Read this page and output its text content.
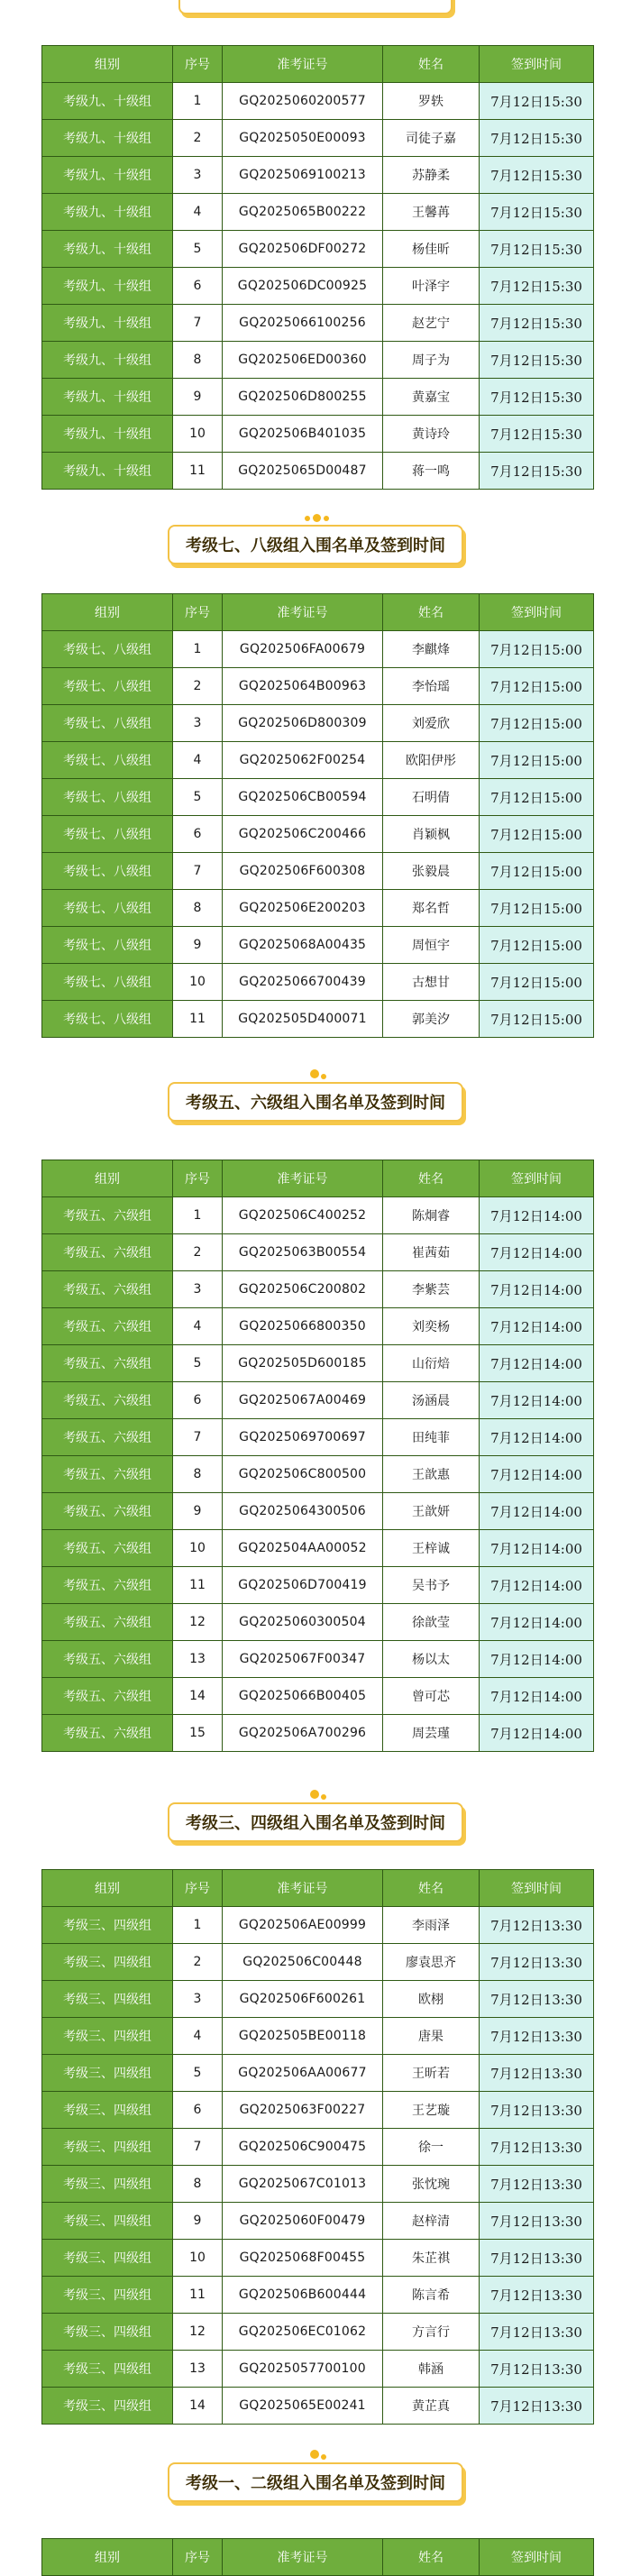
组别	序号	准考证号	姓名	签到时间
考级九、十级组	1	GQ2025060200577	罗轶	7月12日15:30
考级九、十级组	2	GQ2025050E00093	司徒子嘉	7月12日15:30
考级九、十级组	3	GQ2025069100213	苏静柔	7月12日15:30
考级九、十级组	4	GQ2025065B00222	王馨苒	7月12日15:30
考级九、十级组	5	GQ202506DF00272	杨佳昕	7月12日15:30
考级九、十级组	6	GQ202506DC00925	叶泽宇	7月12日15:30
考级九、十级组	7	GQ2025066100256	赵艺宁	7月12日15:30
考级九、十级组	8	GQ202506ED00360	周子为	7月12日15:30
考级九、十级组	9	GQ202506D800255	黄嘉宝	7月12日15:30
考级九、十级组	10	GQ202506B401035	黄诗玲	7月12日15:30
考级九、十级组	11	GQ2025065D00487	蒋一鸣	7月12日15:30
考级七、八级组入围名单及签到时间
组别	序号	准考证号	姓名	签到时间
考级七、八级组	1	GQ202506FA00679	李麒烽	7月12日15:00
考级七、八级组	2	GQ2025064B00963	李怡瑶	7月12日15:00
考级七、八级组	3	GQ202506D800309	刘爱欣	7月12日15:00
考级七、八级组	4	GQ2025062F00254	欧阳伊彤	7月12日15:00
考级七、八级组	5	GQ202506CB00594	石明倩	7月12日15:00
考级七、八级组	6	GQ202506C200466	肖颖枫	7月12日15:00
考级七、八级组	7	GQ202506F600308	张毅晨	7月12日15:00
考级七、八级组	8	GQ202506E200203	郑名哲	7月12日15:00
考级七、八级组	9	GQ2025068A00435	周恒宇	7月12日15:00
考级七、八级组	10	GQ2025066700439	古想甘	7月12日15:00
考级七、八级组	11	GQ202505D400071	郭美汐	7月12日15:00
考级五、六级组入围名单及签到时间
组别	序号	准考证号	姓名	签到时间
考级五、六级组	1	GQ202506C400252	陈炯睿	7月12日14:00
考级五、六级组	2	GQ2025063B00554	崔茜茹	7月12日14:00
考级五、六级组	3	GQ202506C200802	李紫芸	7月12日14:00
考级五、六级组	4	GQ2025066800350	刘奕杨	7月12日14:00
考级五、六级组	5	GQ202505D600185	山衍焙	7月12日14:00
考级五、六级组	6	GQ2025067A00469	汤涵晨	7月12日14:00
考级五、六级组	7	GQ2025069700697	田纯菲	7月12日14:00
考级五、六级组	8	GQ202506C800500	王歆惠	7月12日14:00
考级五、六级组	9	GQ2025064300506	王歆妍	7月12日14:00
考级五、六级组	10	GQ202504AA00052	王梓诚	7月12日14:00
考级五、六级组	11	GQ202506D700419	吴书予	7月12日14:00
考级五、六级组	12	GQ2025060300504	徐歆莹	7月12日14:00
考级五、六级组	13	GQ2025067F00347	杨以太	7月12日14:00
考级五、六级组	14	GQ2025066B00405	曾可芯	7月12日14:00
考级五、六级组	15	GQ202506A700296	周芸瑾	7月12日14:00
考级三、四级组入围名单及签到时间
组别	序号	准考证号	姓名	签到时间
考级三、四级组	1	GQ202506AE00999	李雨泽	7月12日13:30
考级三、四级组	2	GQ202506C00448	廖袁思齐	7月12日13:30
考级三、四级组	3	GQ202506F600261	欧栩	7月12日13:30
考级三、四级组	4	GQ202505BE00118	唐果	7月12日13:30
考级三、四级组	5	GQ202506AA00677	王昕若	7月12日13:30
考级三、四级组	6	GQ2025063F00227	王艺璇	7月12日13:30
考级三、四级组	7	GQ202506C900475	徐一	7月12日13:30
考级三、四级组	8	GQ2025067C01013	张忱琬	7月12日13:30
考级三、四级组	9	GQ2025060F00479	赵梓清	7月12日13:30
考级三、四级组	10	GQ2025068F00455	朱芷祺	7月12日13:30
考级三、四级组	11	GQ202506B600444	陈言希	7月12日13:30
考级三、四级组	12	GQ202506EC01062	方言行	7月12日13:30
考级三、四级组	13	GQ2025057700100	韩涵	7月12日13:30
考级三、四级组	14	GQ2025065E00241	黄芷真	7月12日13:30
考级一、二级组入围名单及签到时间
组别	序号	准考证号	姓名	签到时间
